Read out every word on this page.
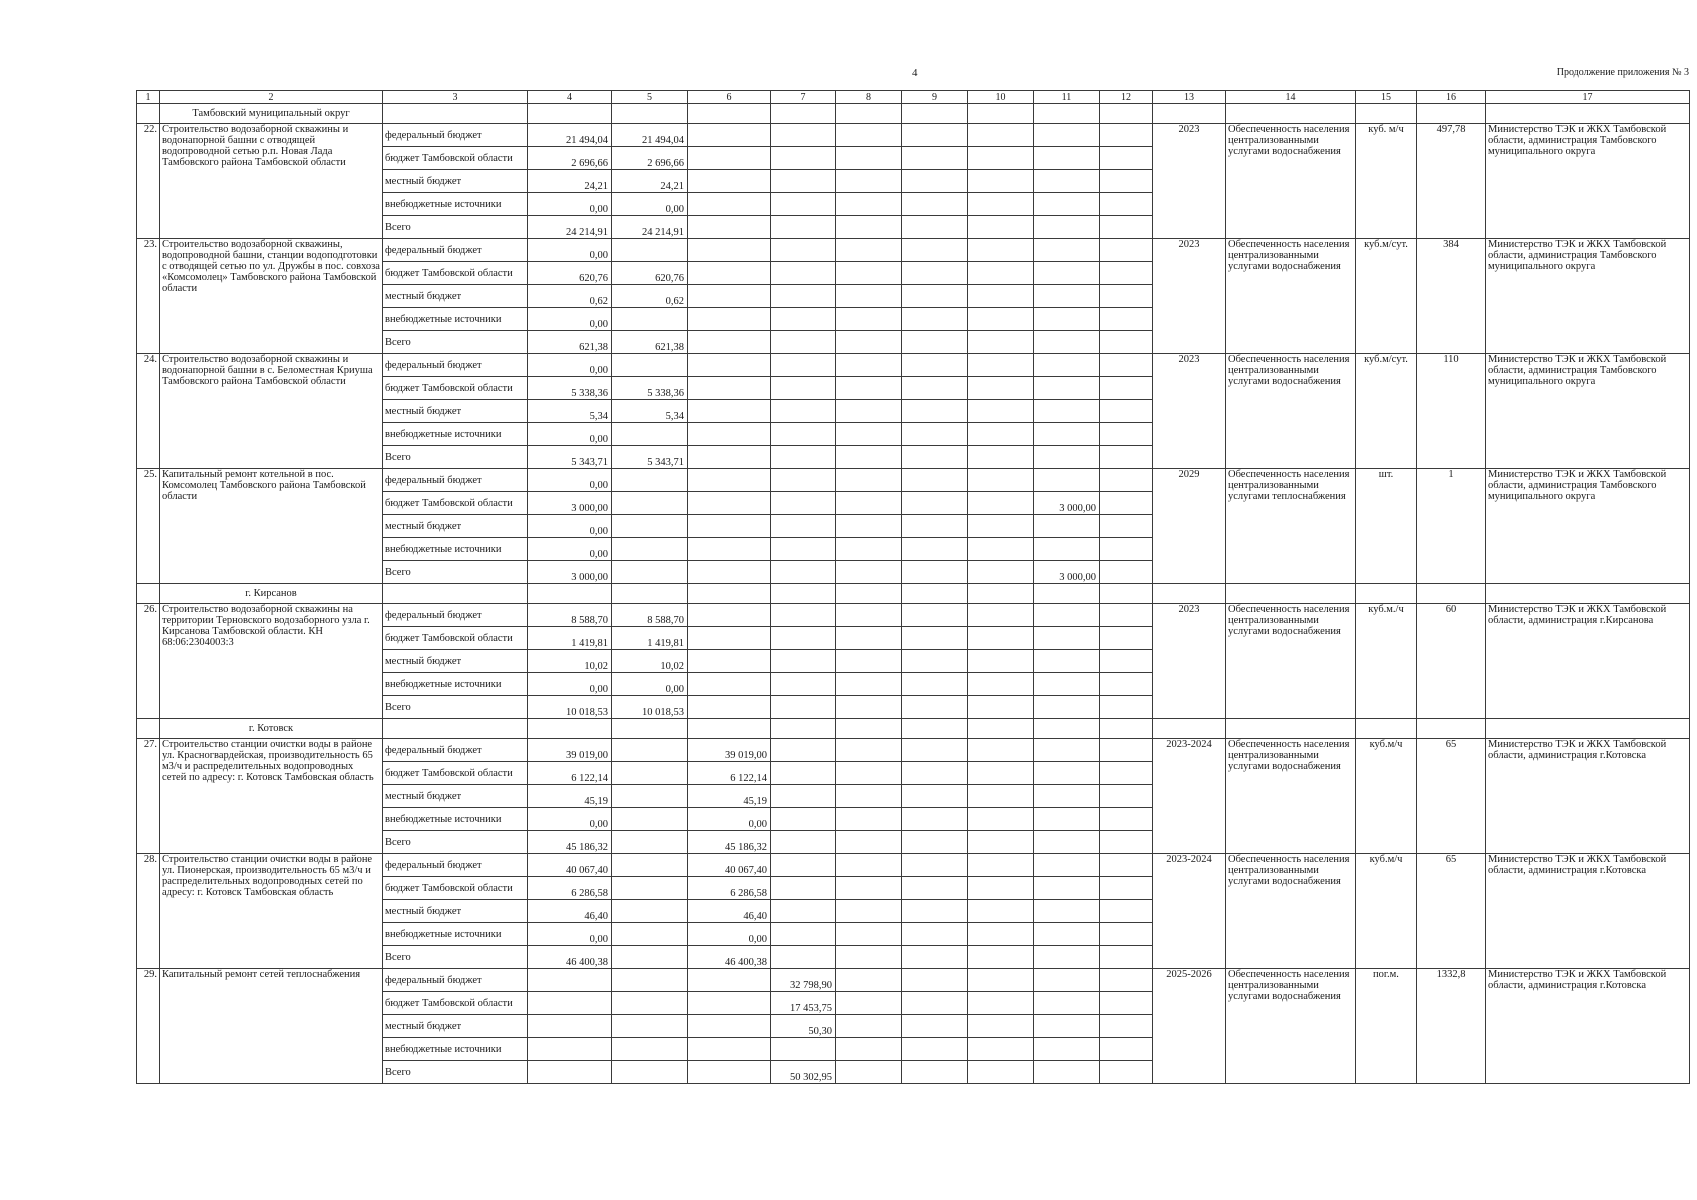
4	Продолжение приложения № 3
1	2	3	4	5	6	7	8	9	10	11	12	13	14	15	16	17
	Тамбовский муниципальный округ															
22.	Строительство водозаборной скважины и водонапорной башни с отводящей водопроводной сетью р.п. Новая Лада Тамбовского района Тамбовской области	федеральный бюджет	21 494,04	21 494,04								2023	Обеспеченность населения централизованными услугами водоснабжения	куб. м/ч	497,78	Министерство ТЭК и ЖКХ Тамбовской области, администрация Тамбовского муниципального округа
		бюджет Тамбовской области	2 696,66	2 696,66												
		местный бюджет	24,21	24,21												
		внебюджетные источники	0,00	0,00												
		Всего	24 214,91	24 214,91												
23.	Строительство водозаборной скважины, водопроводной башни, станции водоподготовки с отводящей сетью по ул. Дружбы в пос. совхоза «Комсомолец» Тамбовского района Тамбовской области	федеральный бюджет	0,00									2023	Обеспеченность населения централизованными услугами водоснабжения	куб.м/сут.	384	Министерство ТЭК и ЖКХ Тамбовской области, администрация Тамбовского муниципального округа
		бюджет Тамбовской области	620,76	620,76												
		местный бюджет	0,62	0,62												
		внебюджетные источники	0,00													
		Всего	621,38	621,38												
24.	Строительство водозаборной скважины и водонапорной башни в с. Беломестная Криуша Тамбовского района Тамбовской области	федеральный бюджет	0,00									2023	Обеспеченность населения централизованными услугами водоснабжения	куб.м/сут.	110	Министерство ТЭК и ЖКХ Тамбовской области, администрация Тамбовского муниципального округа
		бюджет Тамбовской области	5 338,36	5 338,36												
		местный бюджет	5,34	5,34												
		внебюджетные источники	0,00													
		Всего	5 343,71	5 343,71												
25.	Капитальный ремонт котельной в пос. Комсомолец Тамбовского района Тамбовской области	федеральный бюджет	0,00									2029	Обеспеченность населения централизованными услугами теплоснабжения	шт.	1	Министерство ТЭК и ЖКХ Тамбовской области, администрация Тамбовского муниципального округа
		бюджет Тамбовской области	3 000,00							3 000,00						
		местный бюджет	0,00													
		внебюджетные источники	0,00													
		Всего	3 000,00							3 000,00						
	г. Кирсанов															
26.	Строительство водозаборной скважины на территории Терновского водозаборного узла г. Кирсанова Тамбовской области. КН 68:06:2304003:3	федеральный бюджет	8 588,70	8 588,70								2023	Обеспеченность населения централизованными услугами водоснабжения	куб.м./ч	60	Министерство ТЭК и ЖКХ Тамбовской области, администрация г.Кирсанова
		бюджет Тамбовской области	1 419,81	1 419,81												
		местный бюджет	10,02	10,02												
		внебюджетные источники	0,00	0,00												
		Всего	10 018,53	10 018,53												
	г. Котовск															
27.	Строительство станции очистки воды в районе ул. Красногвардейская, производительность 65 м3/ч и распределительных водопроводных сетей по адресу: г. Котовск Тамбовская область	федеральный бюджет	39 019,00		39 019,00							2023-2024	Обеспеченность населения централизованными услугами водоснабжения	куб.м/ч	65	Министерство ТЭК и ЖКХ Тамбовской области, администрация г.Котовска
		бюджет Тамбовской области	6 122,14		6 122,14											
		местный бюджет	45,19		45,19											
		внебюджетные источники	0,00		0,00											
		Всего	45 186,32		45 186,32											
28.	Строительство станции очистки воды в районе ул. Пионерская, производительность 65 м3/ч и распределительных водопроводных сетей по адресу: г. Котовск Тамбовская область	федеральный бюджет	40 067,40		40 067,40							2023-2024	Обеспеченность населения централизованными услугами водоснабжения	куб.м/ч	65	Министерство ТЭК и ЖКХ Тамбовской области, администрация г.Котовска
		бюджет Тамбовской области	6 286,58		6 286,58											
		местный бюджет	46,40		46,40											
		внебюджетные источники	0,00		0,00											
		Всего	46 400,38		46 400,38											
29.	Капитальный ремонт сетей теплоснабжения	федеральный бюджет				32 798,90						2025-2026	Обеспеченность населения централизованными услугами водоснабжения	пог.м.	1332,8	Министерство ТЭК и ЖКХ Тамбовской области, администрация г.Котовска
		бюджет Тамбовской области				17 453,75										
		местный бюджет				50,30										
		внебюджетные источники														
		Всего				50 302,95										
